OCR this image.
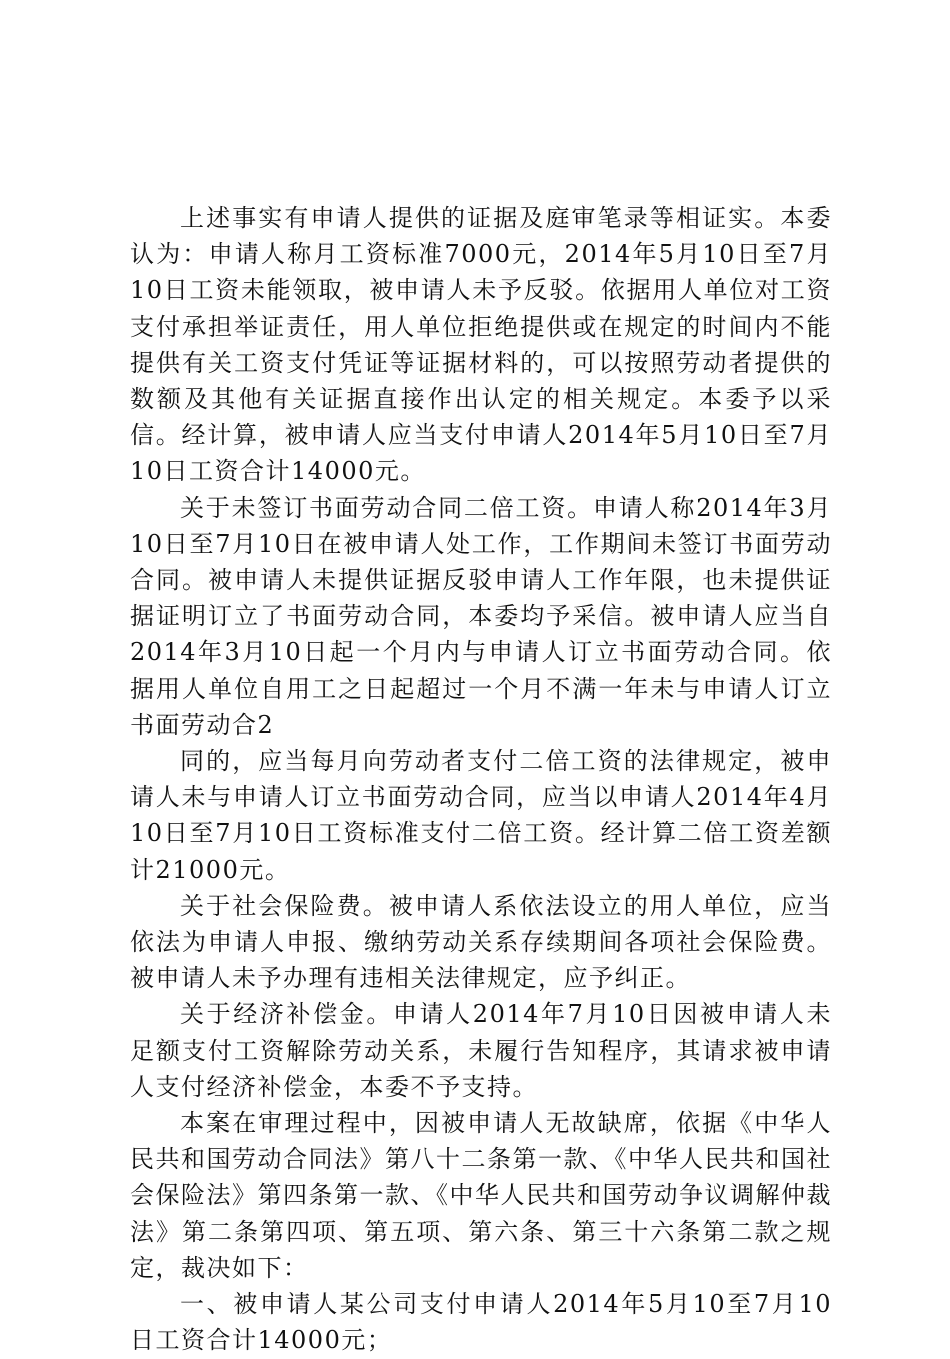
上述事实有申请人提供的证据及庭审笔录等相证实。本委认为：申请人称月工资标准7000元，2014年5月10日至7月10日工资未能领取，被申请人未予反驳。依据用人单位对工资支付承担举证责任，用人单位拒绝提供或在规定的时间内不能提供有关工资支付凭证等证据材料的，可以按照劳动者提供的数额及其他有关证据直接作出认定的相关规定。本委予以采信。经计算，被申请人应当支付申请人2014年5月10日至7月10日工资合计14000元。

关于未签订书面劳动合同二倍工资。申请人称2014年3月10日至7月10日在被申请人处工作，工作期间未签订书面劳动合同。被申请人未提供证据反驳申请人工作年限，也未提供证据证明订立了书面劳动合同，本委均予采信。被申请人应当自2014年3月10日起一个月内与申请人订立书面劳动合同。依据用人单位自用工之日起超过一个月不满一年未与申请人订立书面劳动合2

同的，应当每月向劳动者支付二倍工资的法律规定，被申请人未与申请人订立书面劳动合同，应当以申请人2014年4月10日至7月10日工资标准支付二倍工资。经计算二倍工资差额计21000元。

关于社会保险费。被申请人系依法设立的用人单位，应当依法为申请人申报、缴纳劳动关系存续期间各项社会保险费。被申请人未予办理有违相关法律规定，应予纠正。

关于经济补偿金。申请人2014年7月10日因被申请人未足额支付工资解除劳动关系，未履行告知程序，其请求被申请人支付经济补偿金，本委不予支持。

本案在审理过程中，因被申请人无故缺席，依据《中华人民共和国劳动合同法》第八十二条第一款、《中华人民共和国社会保险法》第四条第一款、《中华人民共和国劳动争议调解仲裁法》第二条第四项、第五项、第六条、第三十六条第二款之规定，裁决如下：

一、被申请人某公司支付申请人2014年5月10至7月10日工资合计14000元；
